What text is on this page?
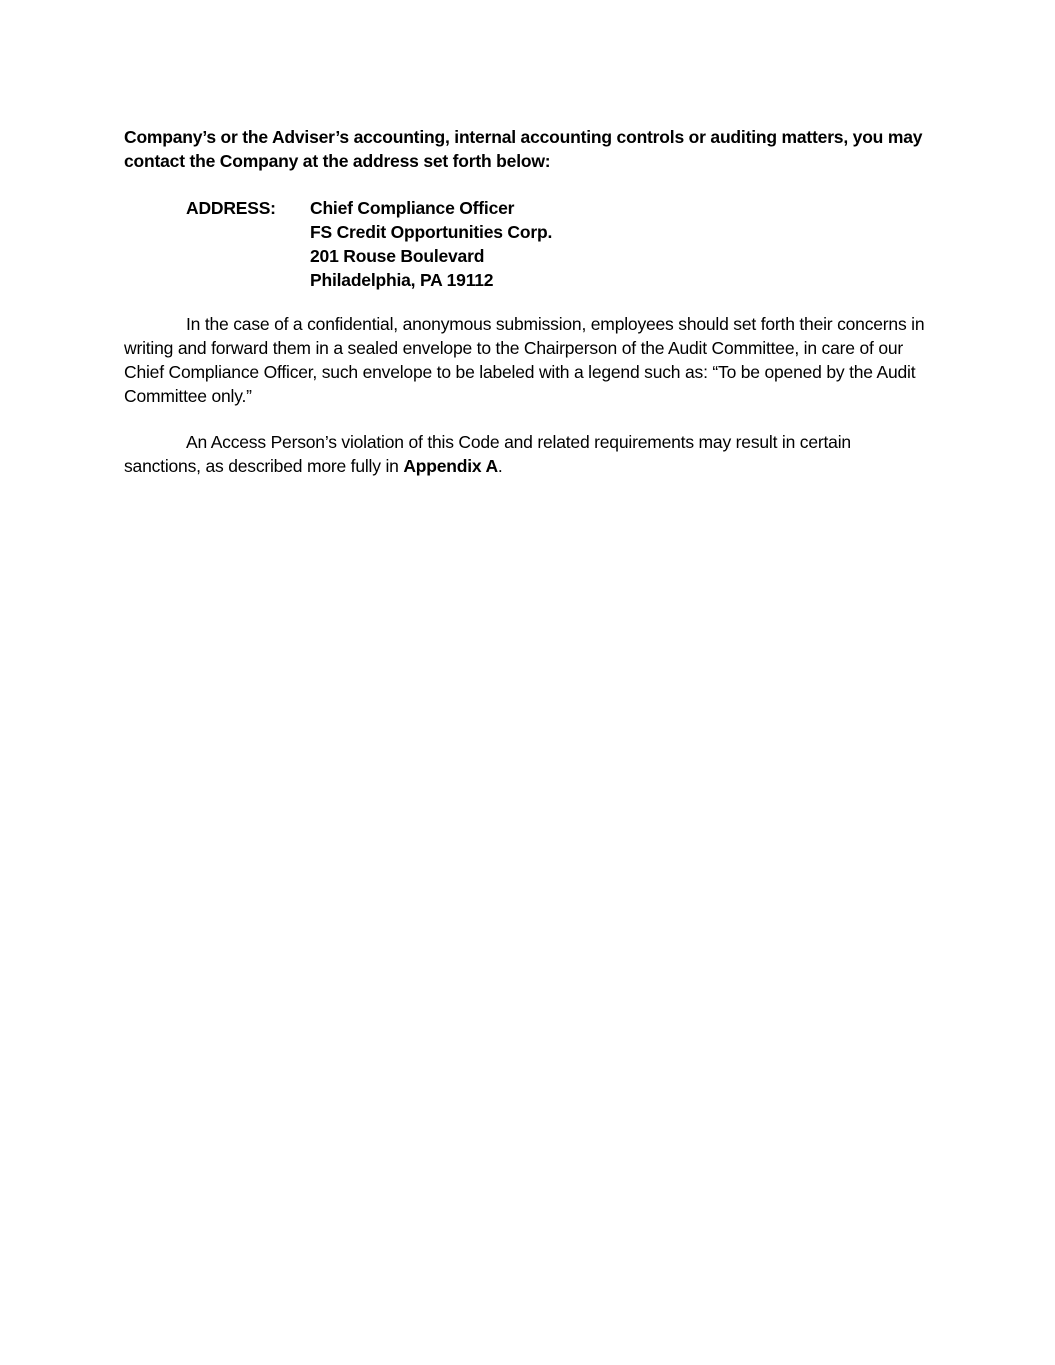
Company’s or the Adviser’s accounting, internal accounting controls or auditing matters, you may contact the Company at the address set forth below:
ADDRESS:	Chief Compliance Officer
FS Credit Opportunities Corp.
201 Rouse Boulevard
Philadelphia, PA 19112

In the case of a confidential, anonymous submission, employees should set forth their concerns in writing and forward them in a sealed envelope to the Chairperson of the Audit Committee, in care of our Chief Compliance Officer, such envelope to be labeled with a legend such as: “To be opened by the Audit Committee only.”

An Access Person’s violation of this Code and related requirements may result in certain sanctions, as described more fully in Appendix A.
